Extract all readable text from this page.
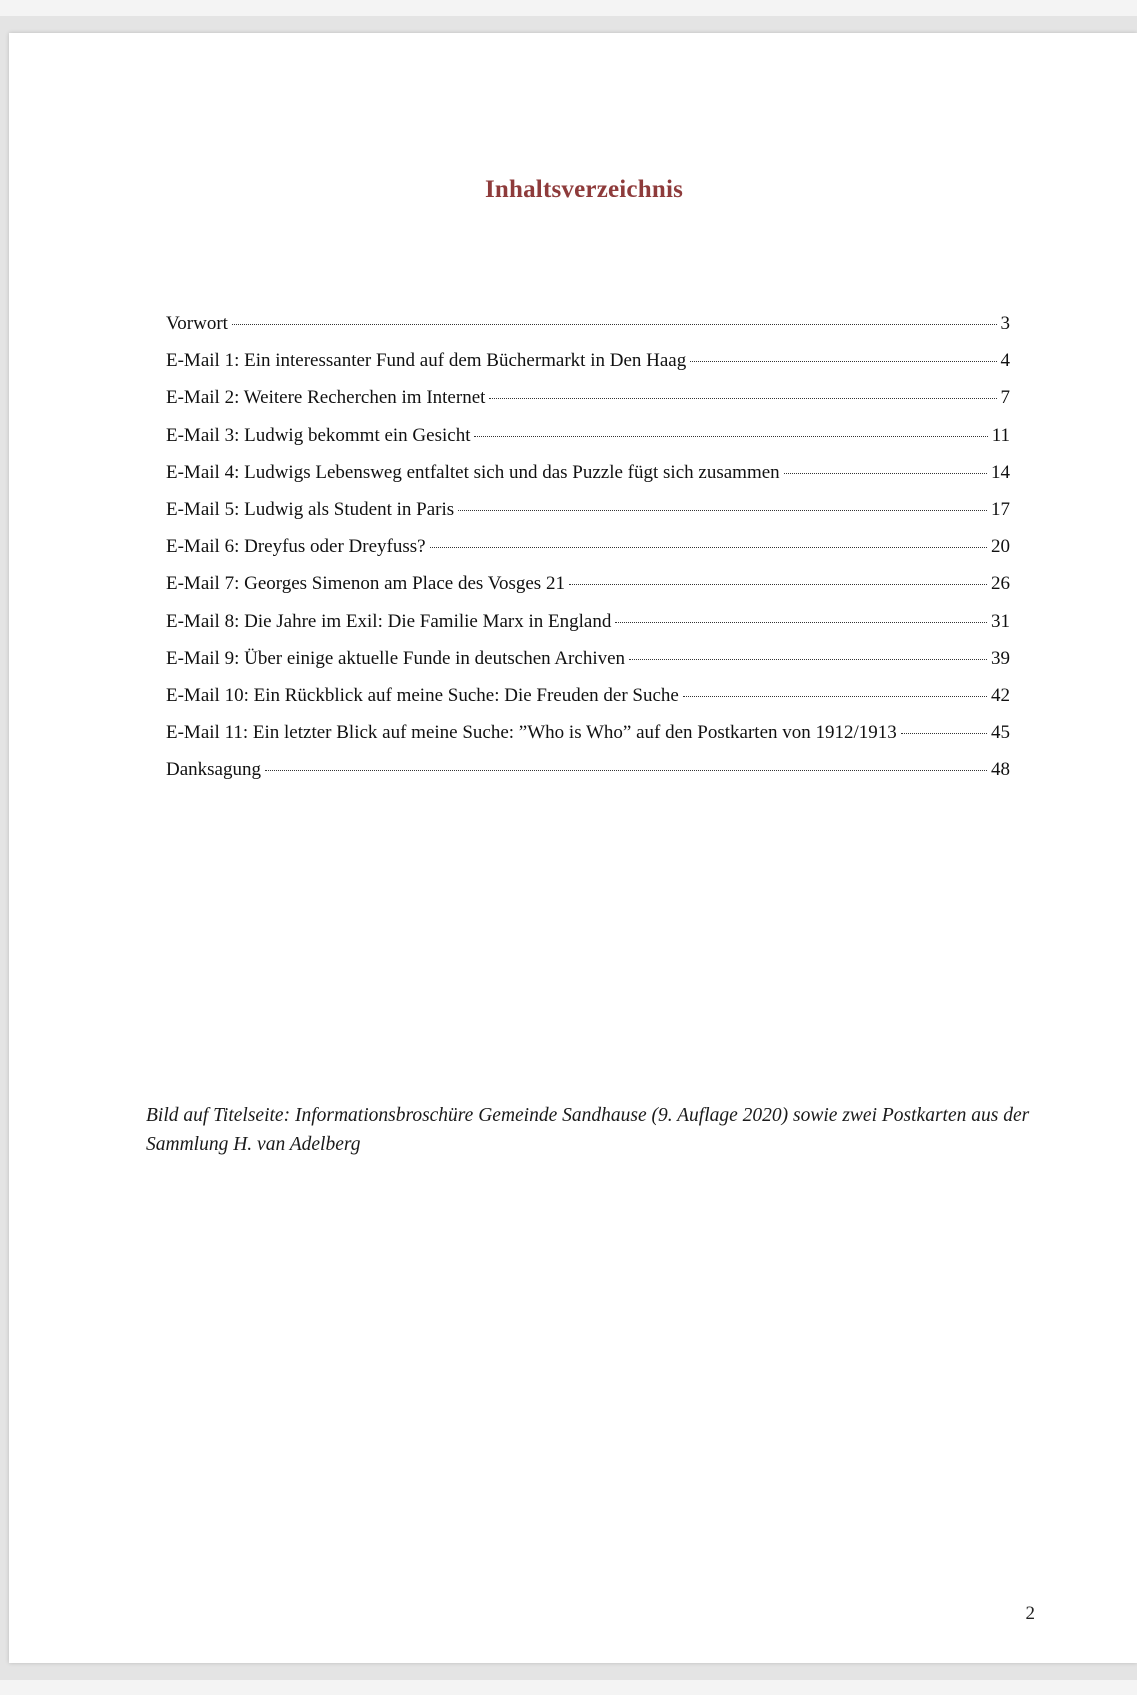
Inhaltsverzeichnis
Vorwort	3
E-Mail 1: Ein interessanter Fund auf dem Büchermarkt in Den Haag	4
E-Mail 2: Weitere Recherchen im Internet	7
E-Mail 3: Ludwig bekommt ein Gesicht	11
E-Mail 4: Ludwigs Lebensweg entfaltet sich und das Puzzle fügt sich zusammen	14
E-Mail 5: Ludwig als Student in Paris	17
E-Mail 6: Dreyfus oder Dreyfuss?	20
E-Mail 7: Georges Simenon am Place des Vosges 21	26
E-Mail 8: Die Jahre im Exil: Die Familie Marx in England	31
E-Mail 9: Über einige aktuelle Funde in deutschen Archiven	39
E-Mail 10: Ein Rückblick auf meine Suche: Die Freuden der Suche	42
E-Mail 11: Ein letzter Blick auf meine Suche: ”Who is Who” auf den Postkarten von 1912/1913	45
Danksagung	48

Bild auf Titelseite: Informationsbroschüre Gemeinde Sandhause (9. Auflage 2020) sowie zwei Postkarten aus der Sammlung H. van Adelberg

2
